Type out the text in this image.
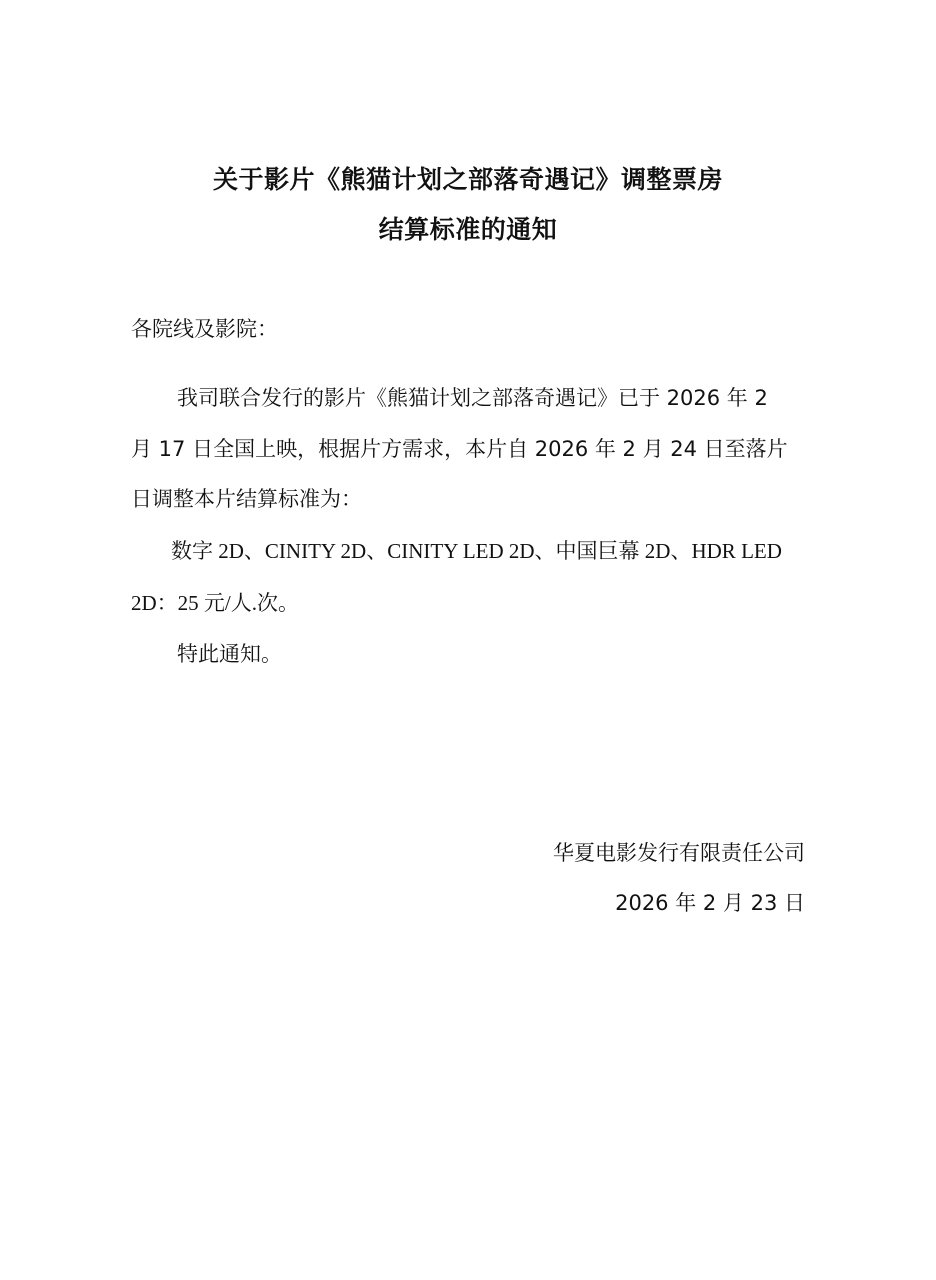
关于影片《熊猫计划之部落奇遇记》调整票房
结算标准的通知
各院线及影院：
我司联合发行的影片《熊猫计划之部落奇遇记》已于 2026 年 2
月 17 日全国上映，根据片方需求，本片自 2026 年 2 月 24 日至落片
日调整本片结算标准为：
数字 2D、CINITY 2D、CINITY LED 2D、中国巨幕 2D、HDR LED
2D：25 元/人.次。
特此通知。
华夏电影发行有限责任公司
2026 年 2 月 23 日
